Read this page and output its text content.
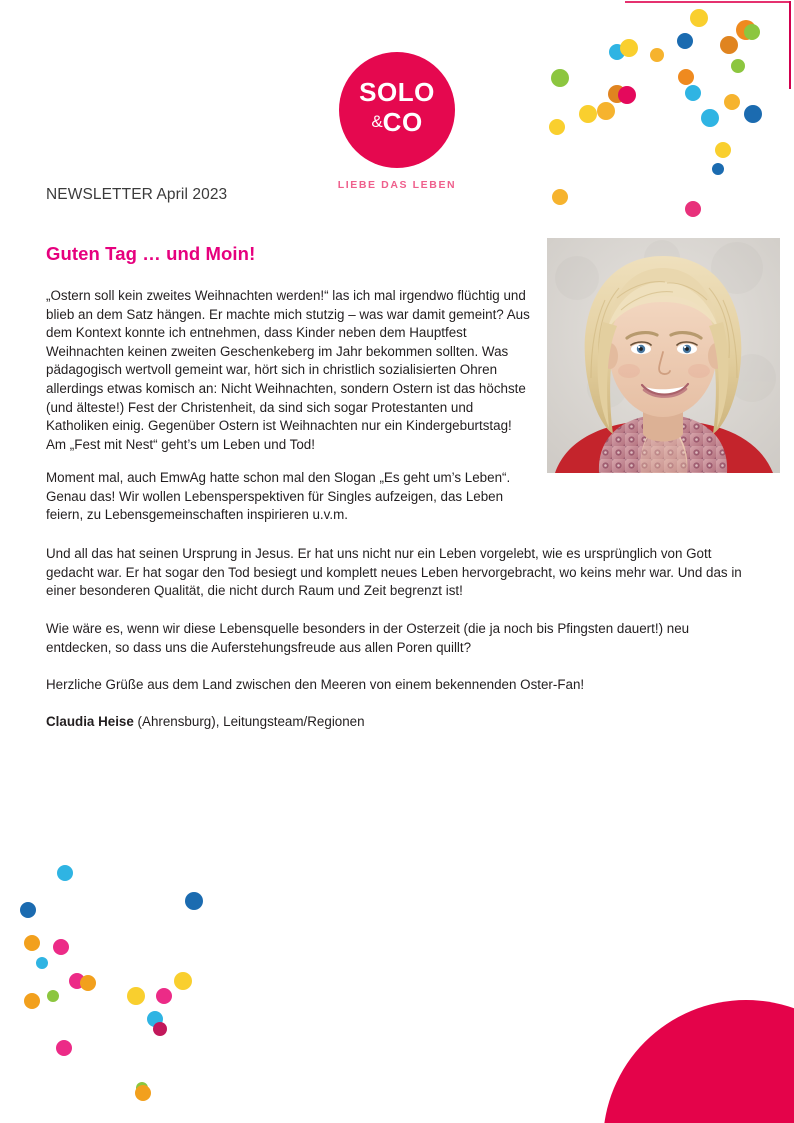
SOLO
&CO
LIEBE DAS LEBEN
NEWSLETTER April 2023
Guten Tag … und Moin!
„Ostern soll kein zweites Weihnachten werden!“ las ich mal irgendwo flüchtig und blieb an dem Satz hängen. Er machte mich stutzig – was war damit gemeint? Aus dem Kontext konnte ich entnehmen, dass Kinder neben dem Hauptfest Weihnachten keinen zweiten Geschenkeberg im Jahr bekommen sollten. Was pädagogisch wertvoll gemeint war, hört sich in christlich sozialisierten Ohren allerdings etwas komisch an: Nicht Weihnachten, sondern Ostern ist das höchste (und älteste!) Fest der Christenheit, da sind sich sogar Protestanten und Katholiken einig. Gegenüber Ostern ist Weihnachten nur ein Kindergeburtstag! Am „Fest mit Nest“ geht’s um Leben und Tod!
Moment mal, auch EmwAg hatte schon mal den Slogan „Es geht um’s Leben“. Genau das! Wir wollen Lebensperspektiven für Singles aufzeigen, das Leben feiern, zu Lebensgemeinschaften inspirieren u.v.m.
Und all das hat seinen Ursprung in Jesus. Er hat uns nicht nur ein Leben vorgelebt, wie es ursprünglich von Gott gedacht war. Er hat sogar den Tod besiegt und komplett neues Leben hervorgebracht, wo keins mehr war. Und das in einer besonderen Qualität, die nicht durch Raum und Zeit begrenzt ist!
Wie wäre es, wenn wir diese Lebensquelle besonders in der Osterzeit (die ja noch bis Pfingsten dauert!) neu entdecken, so dass uns die Auferstehungsfreude aus allen Poren quillt?
Herzliche Grüße aus dem Land zwischen den Meeren von einem bekennenden Oster-Fan!
Claudia Heise (Ahrensburg), Leitungsteam/Regionen
